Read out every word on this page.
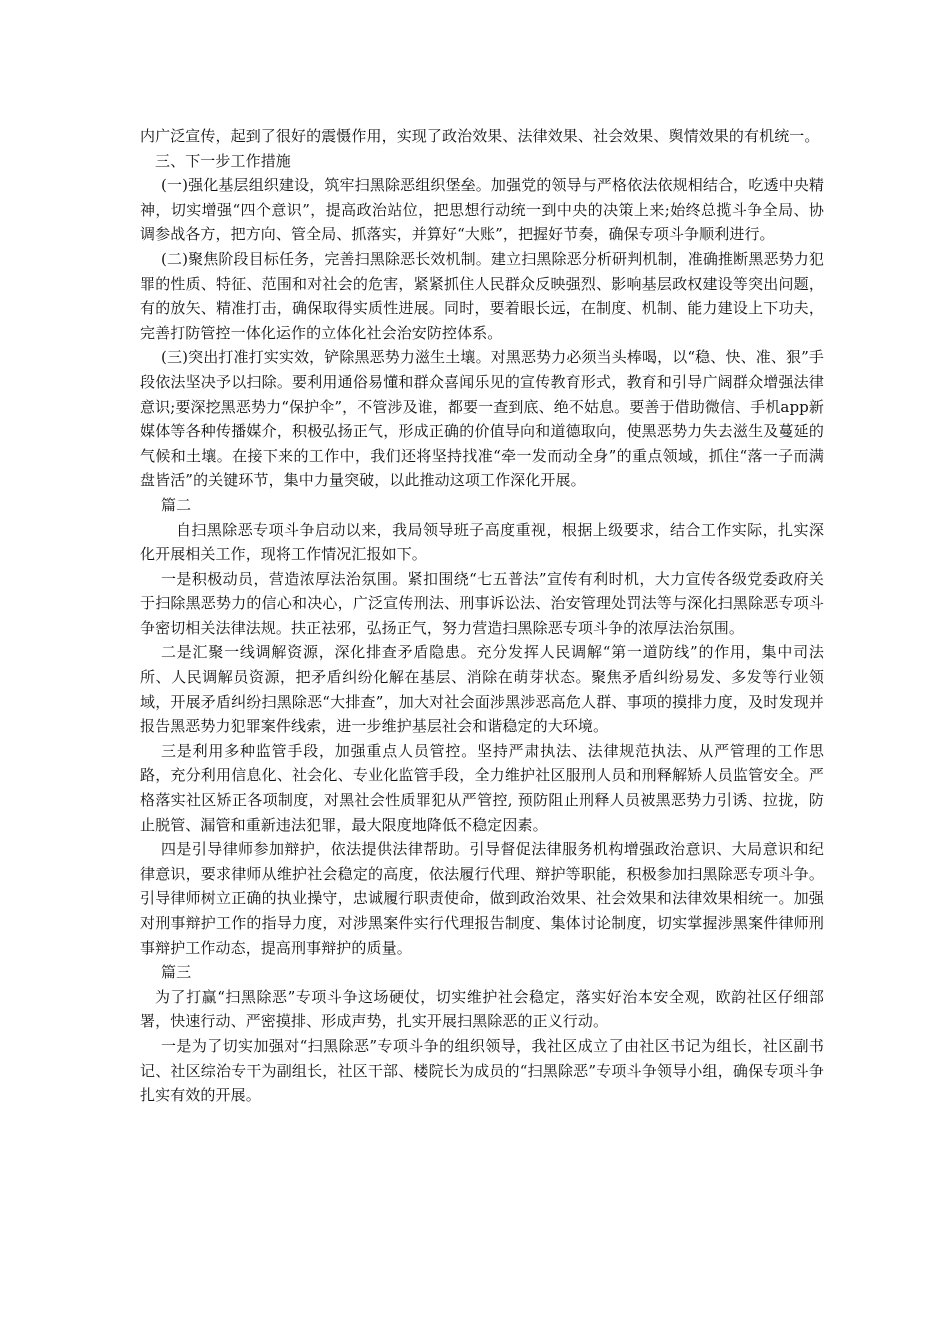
内广泛宣传，起到了很好的震慑作用，实现了政治效果、法律效果、社会效果、舆情效果的有机统一。

三、下一步工作措施

(一)强化基层组织建设，筑牢扫黑除恶组织堡垒。加强党的领导与严格依法依规相结合，吃透中央精神，切实增强“四个意识”，提高政治站位，把思想行动统一到中央的决策上来;始终总揽斗争全局、协调参战各方，把方向、管全局、抓落实，并算好“大账”，把握好节奏，确保专项斗争顺利进行。

(二)聚焦阶段目标任务，完善扫黑除恶长效机制。建立扫黑除恶分析研判机制，准确推断黑恶势力犯罪的性质、特征、范围和对社会的危害，紧紧抓住人民群众反映强烈、影响基层政权建设等突出问题，有的放矢、精准打击，确保取得实质性进展。同时，要着眼长远，在制度、机制、能力建设上下功夫，完善打防管控一体化运作的立体化社会治安防控体系。

(三)突出打准打实实效，铲除黑恶势力滋生土壤。对黑恶势力必须当头棒喝，以“稳、快、准、狠”手段依法坚决予以扫除。要利用通俗易懂和群众喜闻乐见的宣传教育形式，教育和引导广阔群众增强法律意识;要深挖黑恶势力“保护伞”，不管涉及谁，都要一查到底、绝不姑息。要善于借助微信、手机app新媒体等各种传播媒介，积极弘扬正气，形成正确的价值导向和道德取向，使黑恶势力失去滋生及蔓延的气候和土壤。在接下来的工作中，我们还将坚持找准“牵一发而动全身”的重点领域，抓住“落一子而满盘皆活”的关键环节，集中力量突破，以此推动这项工作深化开展。

篇二

自扫黑除恶专项斗争启动以来，我局领导班子高度重视，根据上级要求，结合工作实际，扎实深化开展相关工作，现将工作情况汇报如下。

一是积极动员，营造浓厚法治氛围。紧扣围绕“七五普法”宣传有利时机，大力宣传各级党委政府关于扫除黑恶势力的信心和决心，广泛宣传刑法、刑事诉讼法、治安管理处罚法等与深化扫黑除恶专项斗争密切相关法律法规。扶正祛邪，弘扬正气，努力营造扫黑除恶专项斗争的浓厚法治氛围。

二是汇聚一线调解资源，深化排查矛盾隐患。充分发挥人民调解“第一道防线”的作用，集中司法所、人民调解员资源，把矛盾纠纷化解在基层、消除在萌芽状态。聚焦矛盾纠纷易发、多发等行业领域，开展矛盾纠纷扫黑除恶“大排查”，加大对社会面涉黑涉恶高危人群、事项的摸排力度，及时发现并报告黑恶势力犯罪案件线索，进一步维护基层社会和谐稳定的大环境。

三是利用多种监管手段，加强重点人员管控。坚持严肃执法、法律规范执法、从严管理的工作思路，充分利用信息化、社会化、专业化监管手段，全力维护社区服刑人员和刑释解矫人员监管安全。严格落实社区矫正各项制度，对黑社会性质罪犯从严管控, 预防阻止刑释人员被黑恶势力引诱、拉拢，防止脱管、漏管和重新违法犯罪，最大限度地降低不稳定因素。

四是引导律师参加辩护，依法提供法律帮助。引导督促法律服务机构增强政治意识、大局意识和纪律意识，要求律师从维护社会稳定的高度，依法履行代理、辩护等职能，积极参加扫黑除恶专项斗争。引导律师树立正确的执业操守，忠诚履行职责使命，做到政治效果、社会效果和法律效果相统一。加强对刑事辩护工作的指导力度，对涉黑案件实行代理报告制度、集体讨论制度，切实掌握涉黑案件律师刑事辩护工作动态，提高刑事辩护的质量。

篇三

为了打赢“扫黑除恶”专项斗争这场硬仗，切实维护社会稳定，落实好治本安全观，欧韵社区仔细部署，快速行动、严密摸排、形成声势，扎实开展扫黑除恶的正义行动。

一是为了切实加强对“扫黑除恶”专项斗争的组织领导，我社区成立了由社区书记为组长，社区副书记、社区综治专干为副组长，社区干部、楼院长为成员的“扫黑除恶”专项斗争领导小组，确保专项斗争扎实有效的开展。
